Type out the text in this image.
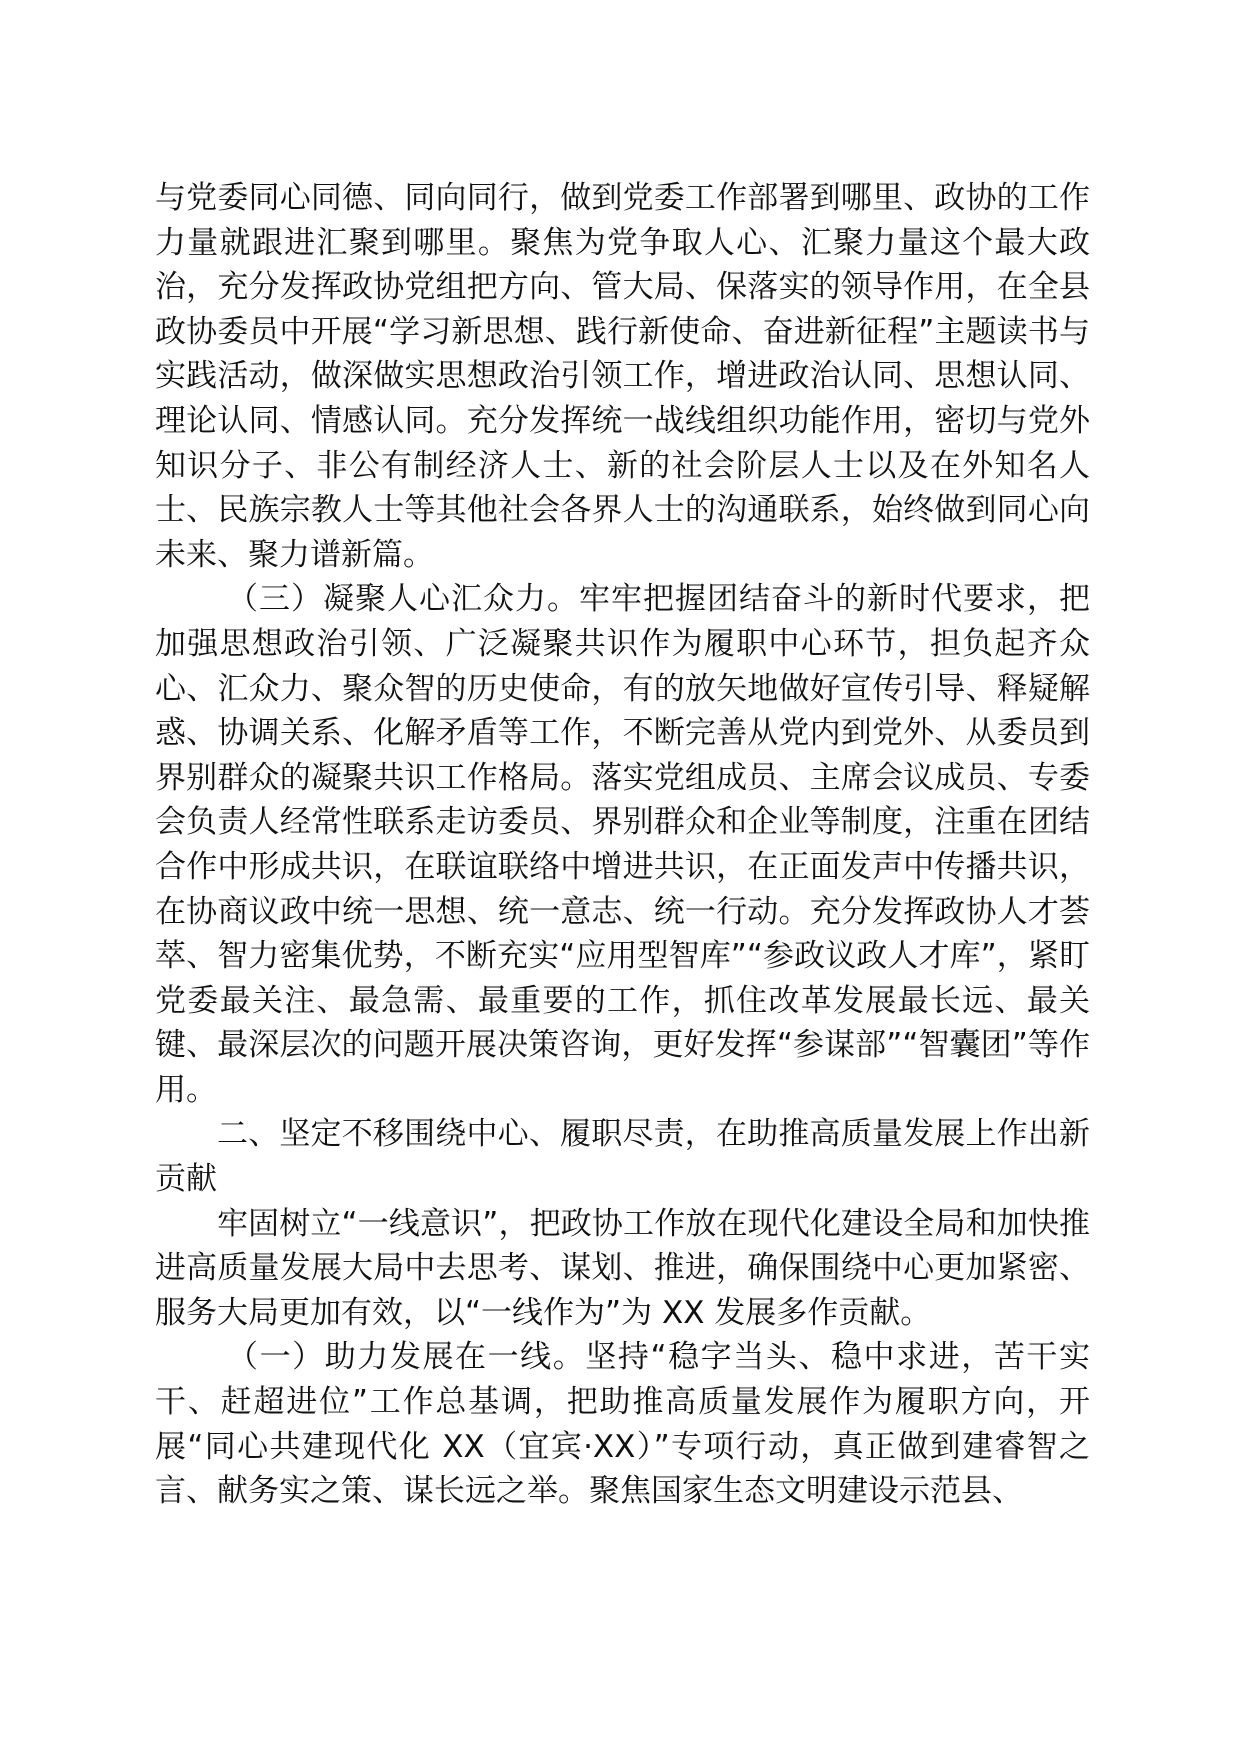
与党委同心同德、同向同行，做到党委工作部署到哪里、政协的工作力量就跟进汇聚到哪里。聚焦为党争取人心、汇聚力量这个最大政治，充分发挥政协党组把方向、管大局、保落实的领导作用，在全县政协委员中开展“学习新思想、践行新使命、奋进新征程”主题读书与实践活动，做深做实思想政治引领工作，增进政治认同、思想认同、理论认同、情感认同。充分发挥统一战线组织功能作用，密切与党外知识分子、非公有制经济人士、新的社会阶层人士以及在外知名人士、民族宗教人士等其他社会各界人士的沟通联系，始终做到同心向未来、聚力谱新篇。

（三）凝聚人心汇众力。牢牢把握团结奋斗的新时代要求，把加强思想政治引领、广泛凝聚共识作为履职中心环节，担负起齐众心、汇众力、聚众智的历史使命，有的放矢地做好宣传引导、释疑解惑、协调关系、化解矛盾等工作，不断完善从党内到党外、从委员到界别群众的凝聚共识工作格局。落实党组成员、主席会议成员、专委会负责人经常性联系走访委员、界别群众和企业等制度，注重在团结合作中形成共识，在联谊联络中增进共识，在正面发声中传播共识，在协商议政中统一思想、统一意志、统一行动。充分发挥政协人才荟萃、智力密集优势，不断充实“应用型智库”“参政议政人才库”，紧盯党委最关注、最急需、最重要的工作，抓住改革发展最长远、最关键、最深层次的问题开展决策咨询，更好发挥“参谋部”“智囊团”等作用。

二、坚定不移围绕中心、履职尽责，在助推高质量发展上作出新贡献

牢固树立“一线意识”，把政协工作放在现代化建设全局和加快推进高质量发展大局中去思考、谋划、推进，确保围绕中心更加紧密、服务大局更加有效，以“一线作为”为 XX 发展多作贡献。

（一）助力发展在一线。坚持“稳字当头、稳中求进，苦干实干、赶超进位”工作总基调，把助推高质量发展作为履职方向，开展“同心共建现代化 XX（宜宾·XX）”专项行动，真正做到建睿智之言、献务实之策、谋长远之举。聚焦国家生态文明建设示范县、
